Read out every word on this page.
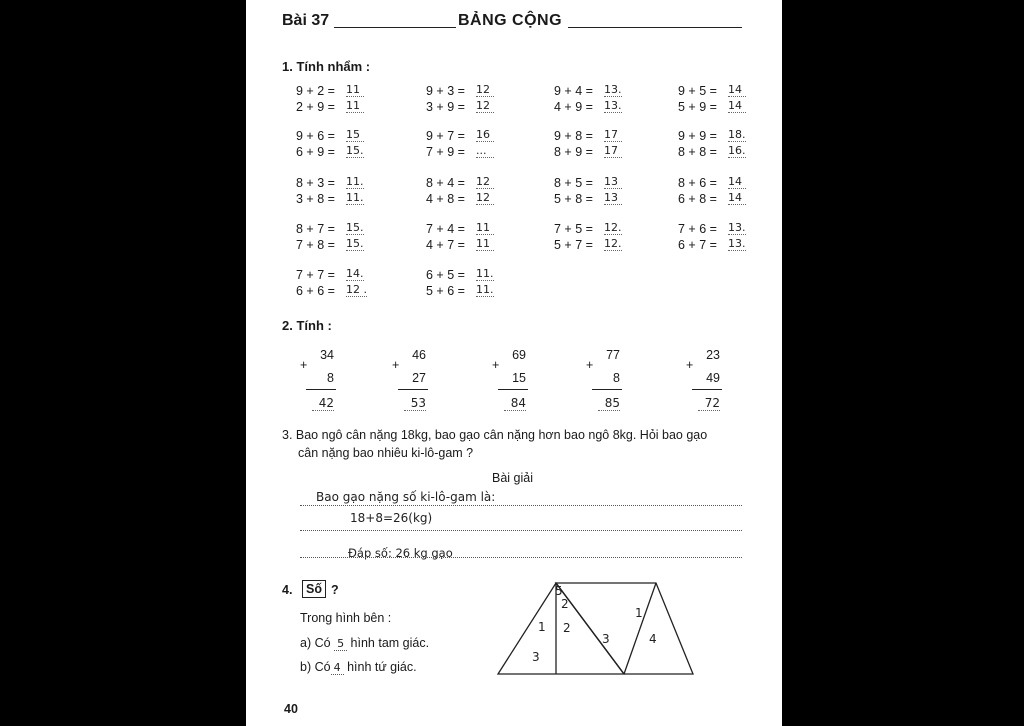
Bài 37	BẢNG CỘNG
1. Tính nhẩm :
2. Tính :
3. Bao ngô cân nặng 18kg, bao gạo cân nặng hơn bao ngô 8kg. Hỏi bao gạo
cân nặng bao nhiêu ki-lô-gam ?
Bài giải
Bao gạo nặng số ki-lô-gam là:
18+8=26(kg)
Đáp số: 26 kg gạo
4.	Số ?
Trong hình bên :
a) Có 5 hình tam giác.
b) Có 4 hình tứ giác.
5
2
1
2
1
3
3
4
40
9 + 2 = 11
2 + 9 = 11
9 + 6 = 15
6 + 9 = 15.
8 + 3 = 11.
3 + 8 = 11.
8 + 7 = 15.
7 + 8 = 15.
7 + 7 = 14.
6 + 6 = 12 .
9 + 3 = 12
3 + 9 = 12
9 + 7 = 16
7 + 9 = ...
8 + 4 = 12
4 + 8 = 12
7 + 4 = 11
4 + 7 = 11
6 + 5 = 11.
5 + 6 = 11.
9 + 4 = 13.
4 + 9 = 13.
9 + 8 = 17
8 + 9 = 17
8 + 5 = 13
5 + 8 = 13
7 + 5 = 12.
5 + 7 = 12.
9 + 5 = 14
5 + 9 = 14
9 + 9 = 18.
8 + 8 = 16.
8 + 6 = 14
6 + 8 = 14
7 + 6 = 13.
6 + 7 = 13.
34
+
8
42
46
+
27
53
69
+
15
84
77
+
8
85
23
+
49
72
